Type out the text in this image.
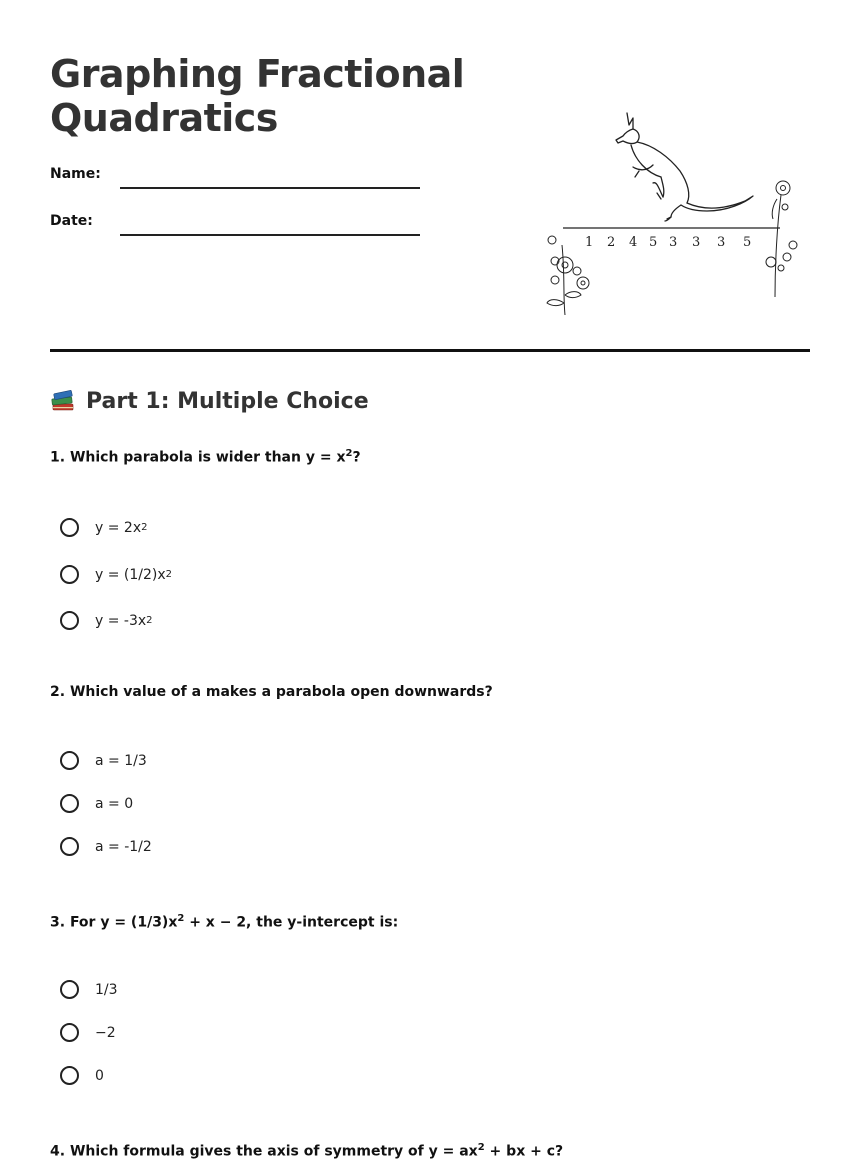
Graphing Fractional Quadratics
Name:
Date:
1 2 4 5 3 3 3 5
Part 1: Multiple Choice
1. Which parabola is wider than $y = x^2$?
y = 2x 2
y = (1/2)x 2
y = -3x 2
2. Which value of a makes a parabola open downwards?
a = 1/3
a = 0
a = -1/2
3. For $y = (1/3)x^2 + x - 2$, the y-intercept is:
1/3
−2
0
4. Which formula gives the axis of symmetry of $y = ax^2$ + bx + c?
